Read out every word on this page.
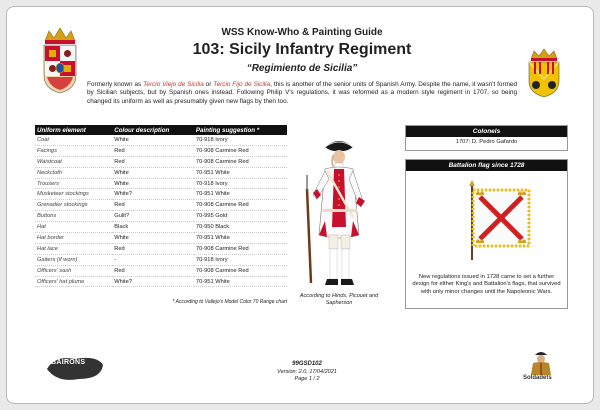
WSS Know-Who & Painting Guide
103: Sicily Infantry Regiment
“Regimiento de Sicilia”
Formerly known as Tercio Viejo de Sicilia or Tercio Fijo de Sicilia, this is another of the senior units of Spanish Army. Despite the name, it wasn't formed by Sicilian subjects, but by Spanish ones instead. Following Philip V's regulations, it was reformed as a modern style regiment in 1707, so being changed its uniform as well as presumably given new flags by then too.
Uniform element	Colour description	Painting suggestion *
Coat	White	70-918 Ivory
Facings	Red	70-908 Carmine Red
Waistcoat	Red	70-908 Carmine Red
Neckcloth	White	70-951 White
Trousers	White	70-918 Ivory
Musketeer stockings	White?	70-951 White
Grenadier stockings	Red	70-908 Carmine Red
Buttons	Gulit?	70-995 Gold
Hat	Black	70-950 Black
Hat border	White	70-951 White
Hat lace	Red	70-908 Carmine Red
Gaiters (if worn)	-	70-918 Ivory
Officers' sash	Red	70-908 Carmine Red
Officers' hat plume	White?	70-951 White
* According to Vallejo's Model Color 70 Range chart
According to Hinds, Picouet and
Sapherson
Colonels
1707: D. Pedro Gafardo
Battalion flag since 1728
New regulations issued in 1728 came to set a further design for either King's and Battalion's flags, that survived with only minor changes until the Napoleonic Wars.
BAIRONS	99GSD102
Version: 2.0, 17/04/2021
Page 1 / 2	Soldadets
